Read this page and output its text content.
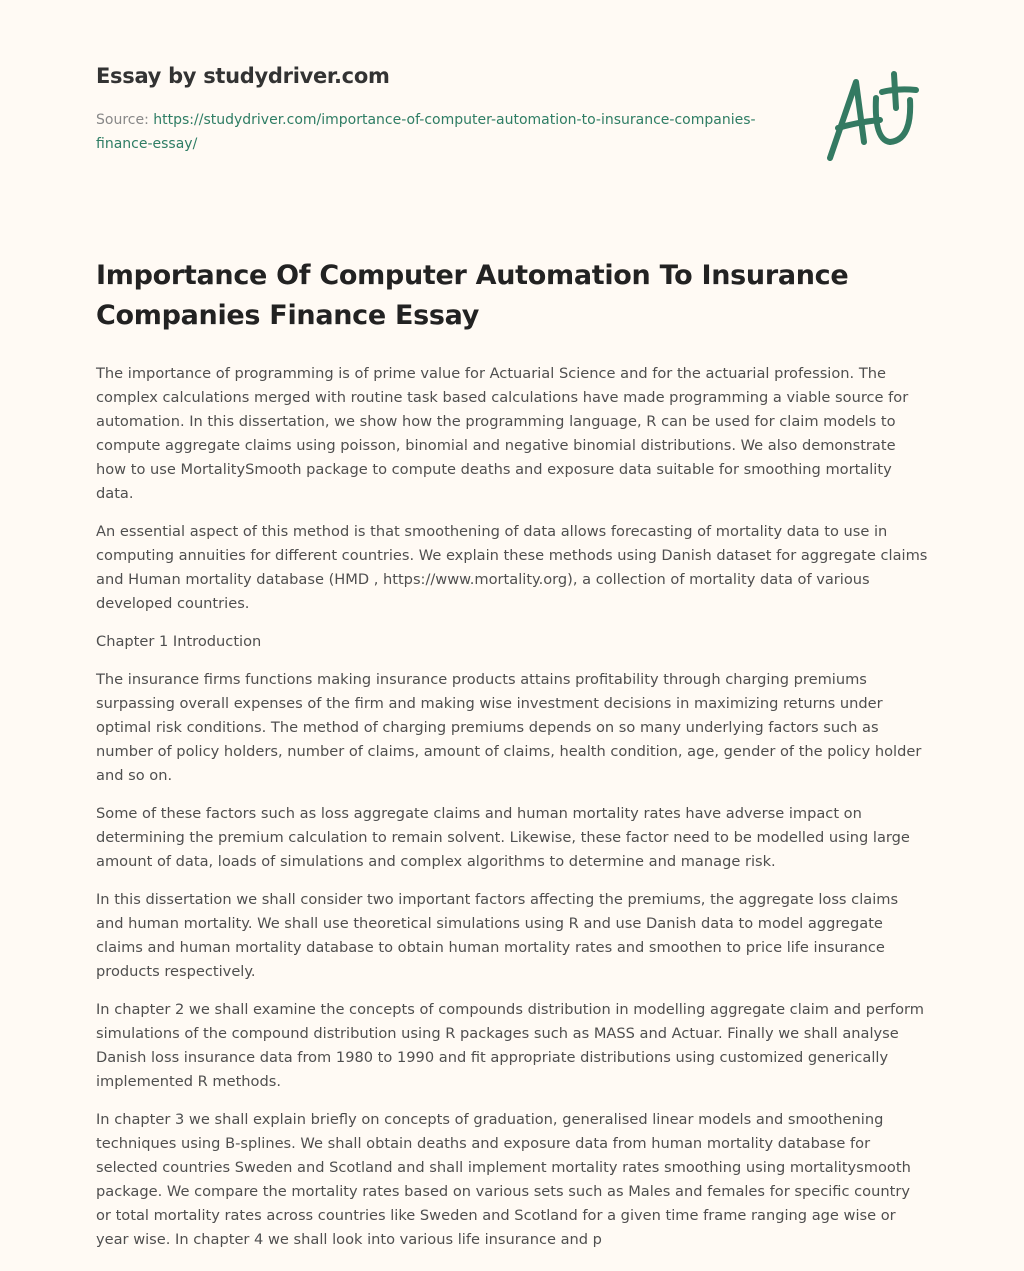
Essay by studydriver.com
Source: https://studydriver.com/importance-of-computer-automation-to-insurance-companies-finance-essay/
Importance Of Computer Automation To Insurance Companies Finance Essay

The importance of programming is of prime value for Actuarial Science and for the actuarial profession. The complex calculations merged with routine task based calculations have made programming a viable source for automation. In this dissertation, we show how the programming language, R can be used for claim models to compute aggregate claims using poisson, binomial and negative binomial distributions. We also demonstrate how to use MortalitySmooth package to compute deaths and exposure data suitable for smoothing mortality data.

An essential aspect of this method is that smoothening of data allows forecasting of mortality data to use in computing annuities for different countries. We explain these methods using Danish dataset for aggregate claims and Human mortality database (HMD , https://www.mortality.org), a collection of mortality data of various developed countries.

Chapter 1 Introduction

The insurance firms functions making insurance products attains profitability through charging premiums surpassing overall expenses of the firm and making wise investment decisions in maximizing returns under optimal risk conditions. The method of charging premiums depends on so many underlying factors such as number of policy holders, number of claims, amount of claims, health condition, age, gender of the policy holder and so on.

Some of these factors such as loss aggregate claims and human mortality rates have adverse impact on determining the premium calculation to remain solvent. Likewise, these factor need to be modelled using large amount of data, loads of simulations and complex algorithms to determine and manage risk.

In this dissertation we shall consider two important factors affecting the premiums, the aggregate loss claims and human mortality. We shall use theoretical simulations using R and use Danish data to model aggregate claims and human mortality database to obtain human mortality rates and smoothen to price life insurance products respectively.

In chapter 2 we shall examine the concepts of compounds distribution in modelling aggregate claim and perform simulations of the compound distribution using R packages such as MASS and Actuar. Finally we shall analyse Danish loss insurance data from 1980 to 1990 and fit appropriate distributions using customized generically implemented R methods.

In chapter 3 we shall explain briefly on concepts of graduation, generalised linear models and smoothening techniques using B-splines. We shall obtain deaths and exposure data from human mortality database for selected countries Sweden and Scotland and shall implement mortality rates smoothing using mortalitysmooth package. We compare the mortality rates based on various sets such as Males and females for specific country or total mortality rates across countries like Sweden and Scotland for a given time frame ranging age wise or year wise. In chapter 4 we shall look into various life insurance and p
